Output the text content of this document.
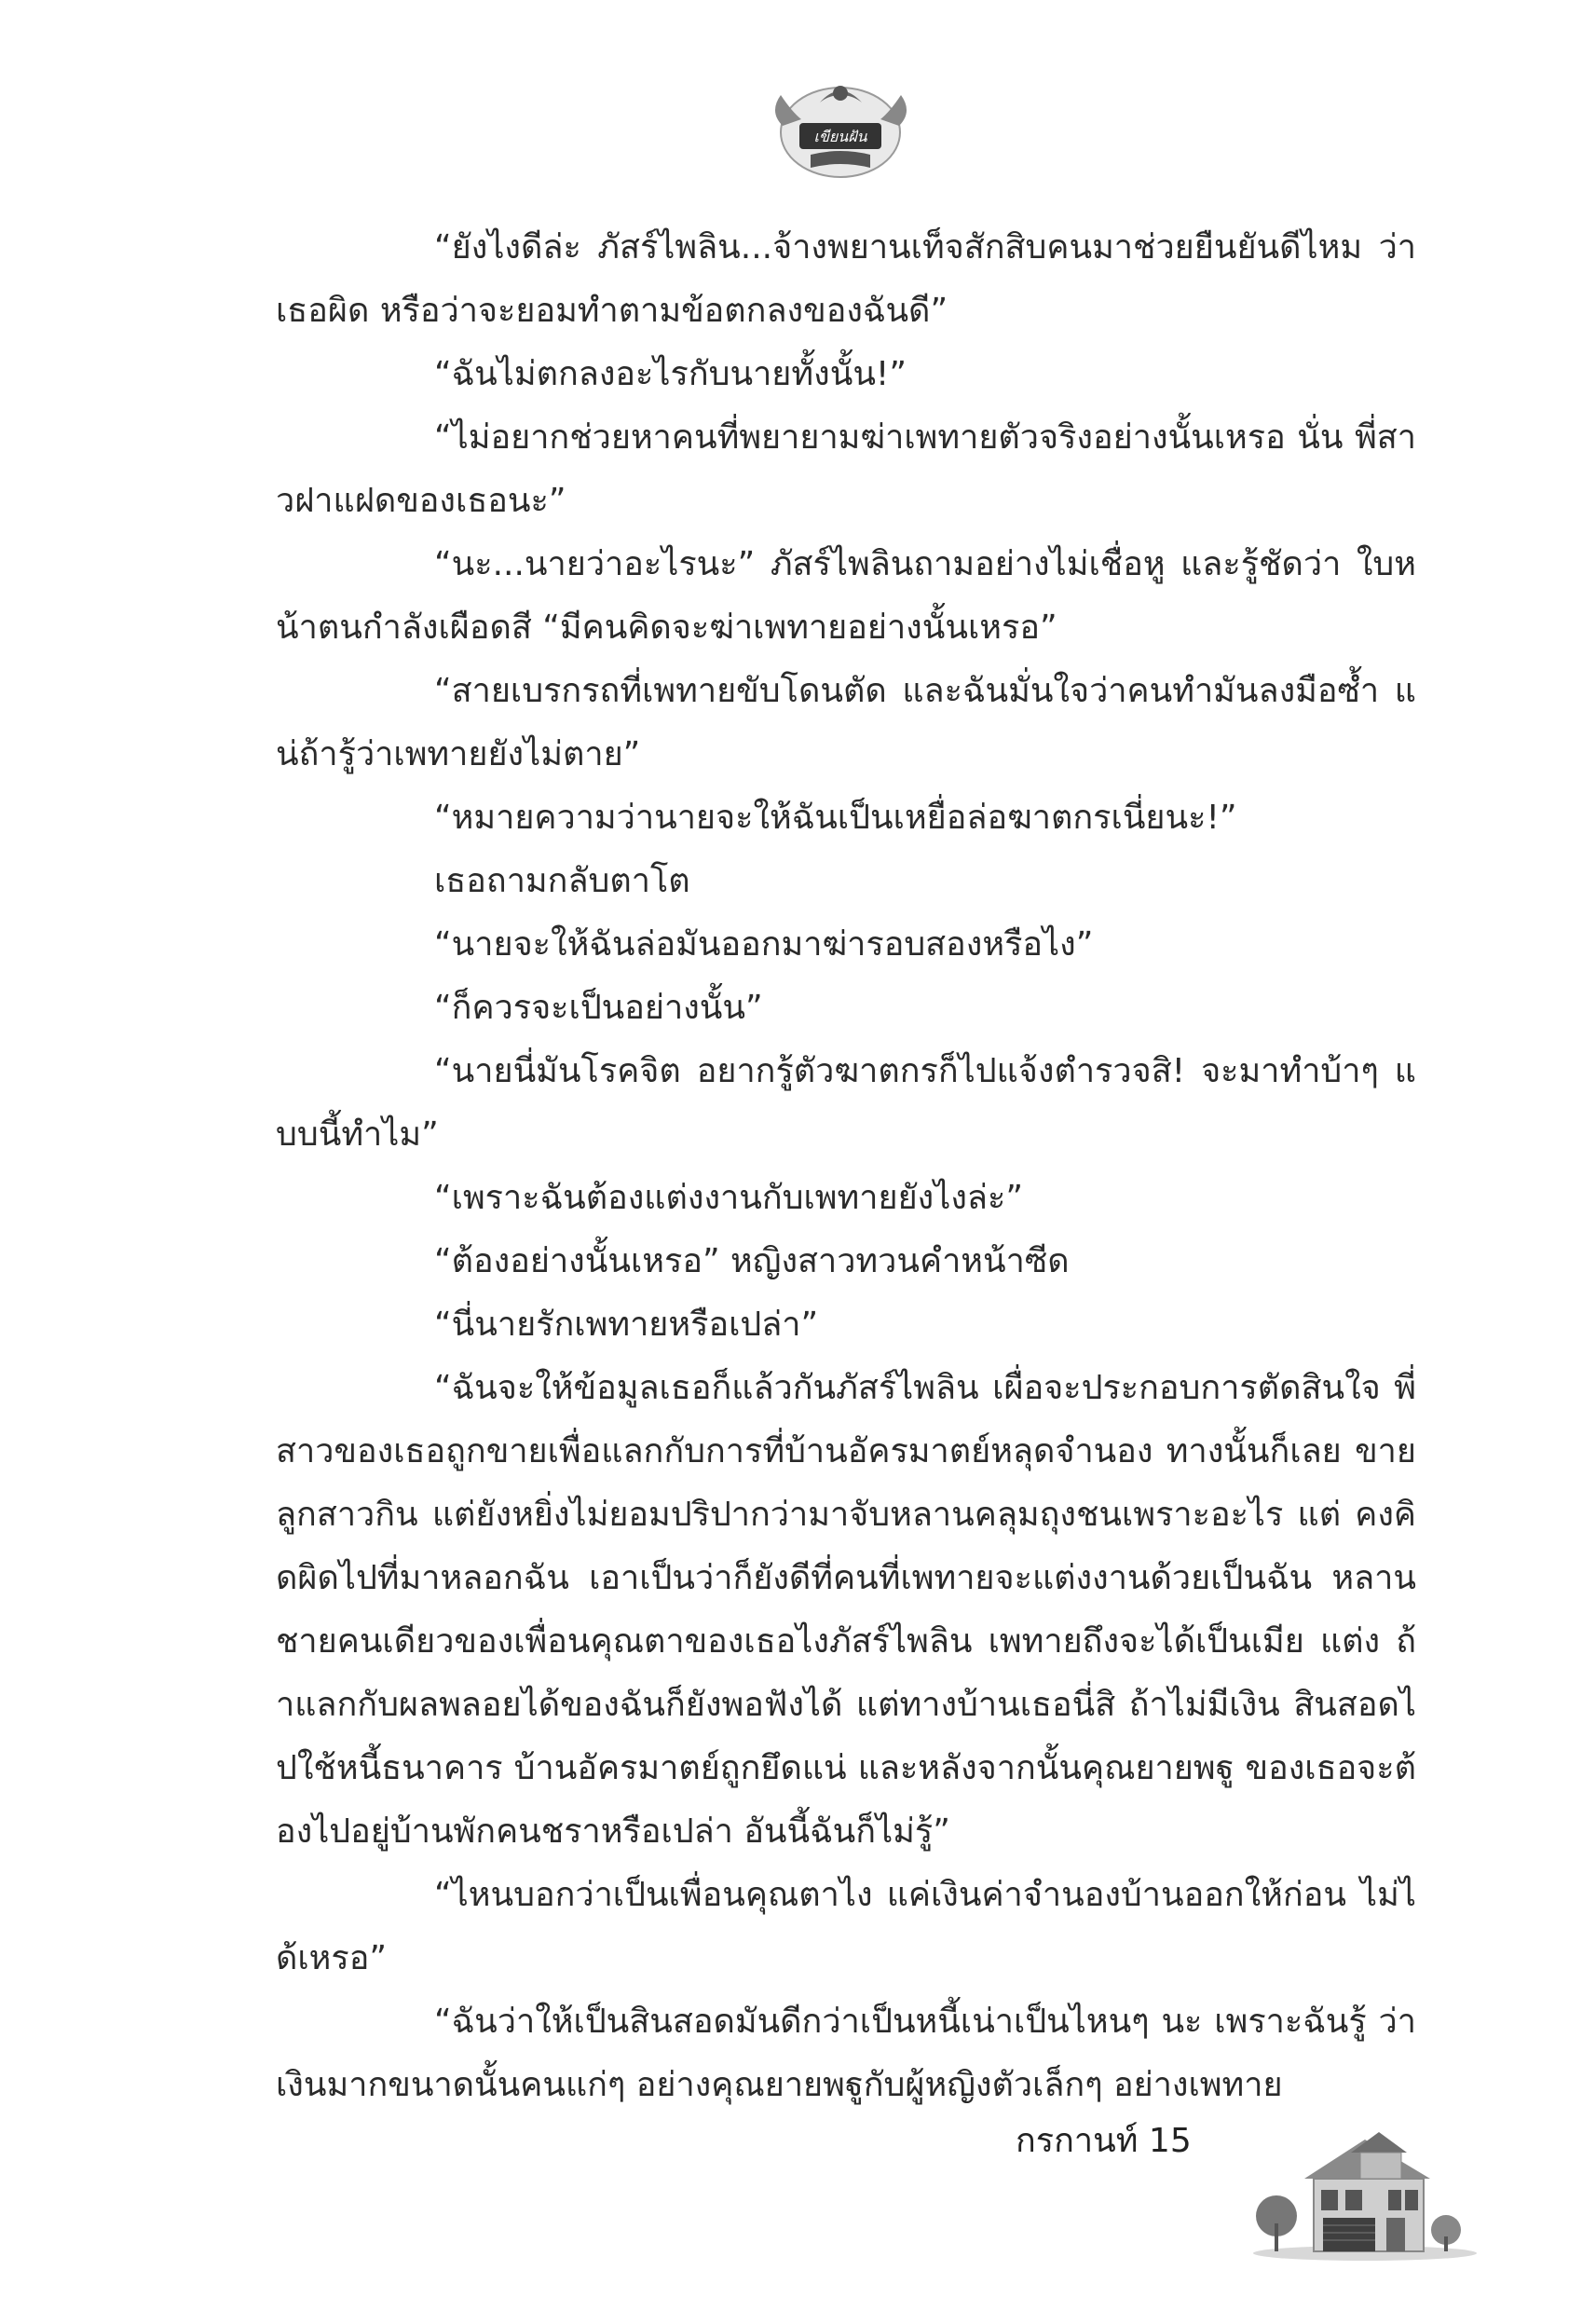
เขียนฝัน

“ยังไงดีล่ะ ภัสร์ไพลิน...จ้างพยานเท็จสักสิบคนมาช่วยยืนยันดีไหม ว่าเธอผิด หรือว่าจะยอมทำตามข้อตกลงของฉันดี”

“ฉันไม่ตกลงอะไรกับนายทั้งนั้น!”

“ไม่อยากช่วยหาคนที่พยายามฆ่าเพทายตัวจริงอย่างนั้นเหรอ นั่น พี่สาวฝาแฝดของเธอนะ”

“นะ...นายว่าอะไรนะ” ภัสร์ไพลินถามอย่างไม่เชื่อหู และรู้ชัดว่า ใบหน้าตนกำลังเผือดสี “มีคนคิดจะฆ่าเพทายอย่างนั้นเหรอ”

“สายเบรกรถที่เพทายขับโดนตัด และฉันมั่นใจว่าคนทำมันลงมือซ้ำ แน่ถ้ารู้ว่าเพทายยังไม่ตาย”

“หมายความว่านายจะให้ฉันเป็นเหยื่อล่อฆาตกรเนี่ยนะ!”

เธอถามกลับตาโต

“นายจะให้ฉันล่อมันออกมาฆ่ารอบสองหรือไง”

“ก็ควรจะเป็นอย่างนั้น”

“นายนี่มันโรคจิต อยากรู้ตัวฆาตกรก็ไปแจ้งตำรวจสิ! จะมาทำบ้าๆ แบบนี้ทำไม”

“เพราะฉันต้องแต่งงานกับเพทายยังไงล่ะ”

“ต้องอย่างนั้นเหรอ” หญิงสาวทวนคำหน้าซีด

“นี่นายรักเพทายหรือเปล่า”

“ฉันจะให้ข้อมูลเธอก็แล้วกันภัสร์ไพลิน เผื่อจะประกอบการตัดสินใจ พี่สาวของเธอถูกขายเพื่อแลกกับการที่บ้านอัครมาตย์หลุดจำนอง ทางนั้นก็เลย ขายลูกสาวกิน แต่ยังหยิ่งไม่ยอมปริปากว่ามาจับหลานคลุมถุงชนเพราะอะไร แต่ คงคิดผิดไปที่มาหลอกฉัน เอาเป็นว่าก็ยังดีที่คนที่เพทายจะแต่งงานด้วยเป็นฉัน หลานชายคนเดียวของเพื่อนคุณตาของเธอไงภัสร์ไพลิน เพทายถึงจะได้เป็นเมีย แต่ง ถ้าแลกกับผลพลอยได้ของฉันก็ยังพอฟังได้ แต่ทางบ้านเธอนี่สิ ถ้าไม่มีเงิน สินสอดไปใช้หนี้ธนาคาร บ้านอัครมาตย์ถูกยึดแน่ และหลังจากนั้นคุณยายพฐู ของเธอจะต้องไปอยู่บ้านพักคนชราหรือเปล่า อันนี้ฉันก็ไม่รู้”

“ไหนบอกว่าเป็นเพื่อนคุณตาไง แค่เงินค่าจำนองบ้านออกให้ก่อน ไม่ได้เหรอ”

“ฉันว่าให้เป็นสินสอดมันดีกว่าเป็นหนี้เน่าเป็นไหนๆ นะ เพราะฉันรู้ ว่าเงินมากขนาดนั้นคนแก่ๆ อย่างคุณยายพฐูกับผู้หญิงตัวเล็กๆ อย่างเพทาย

กรกานท์ 15
